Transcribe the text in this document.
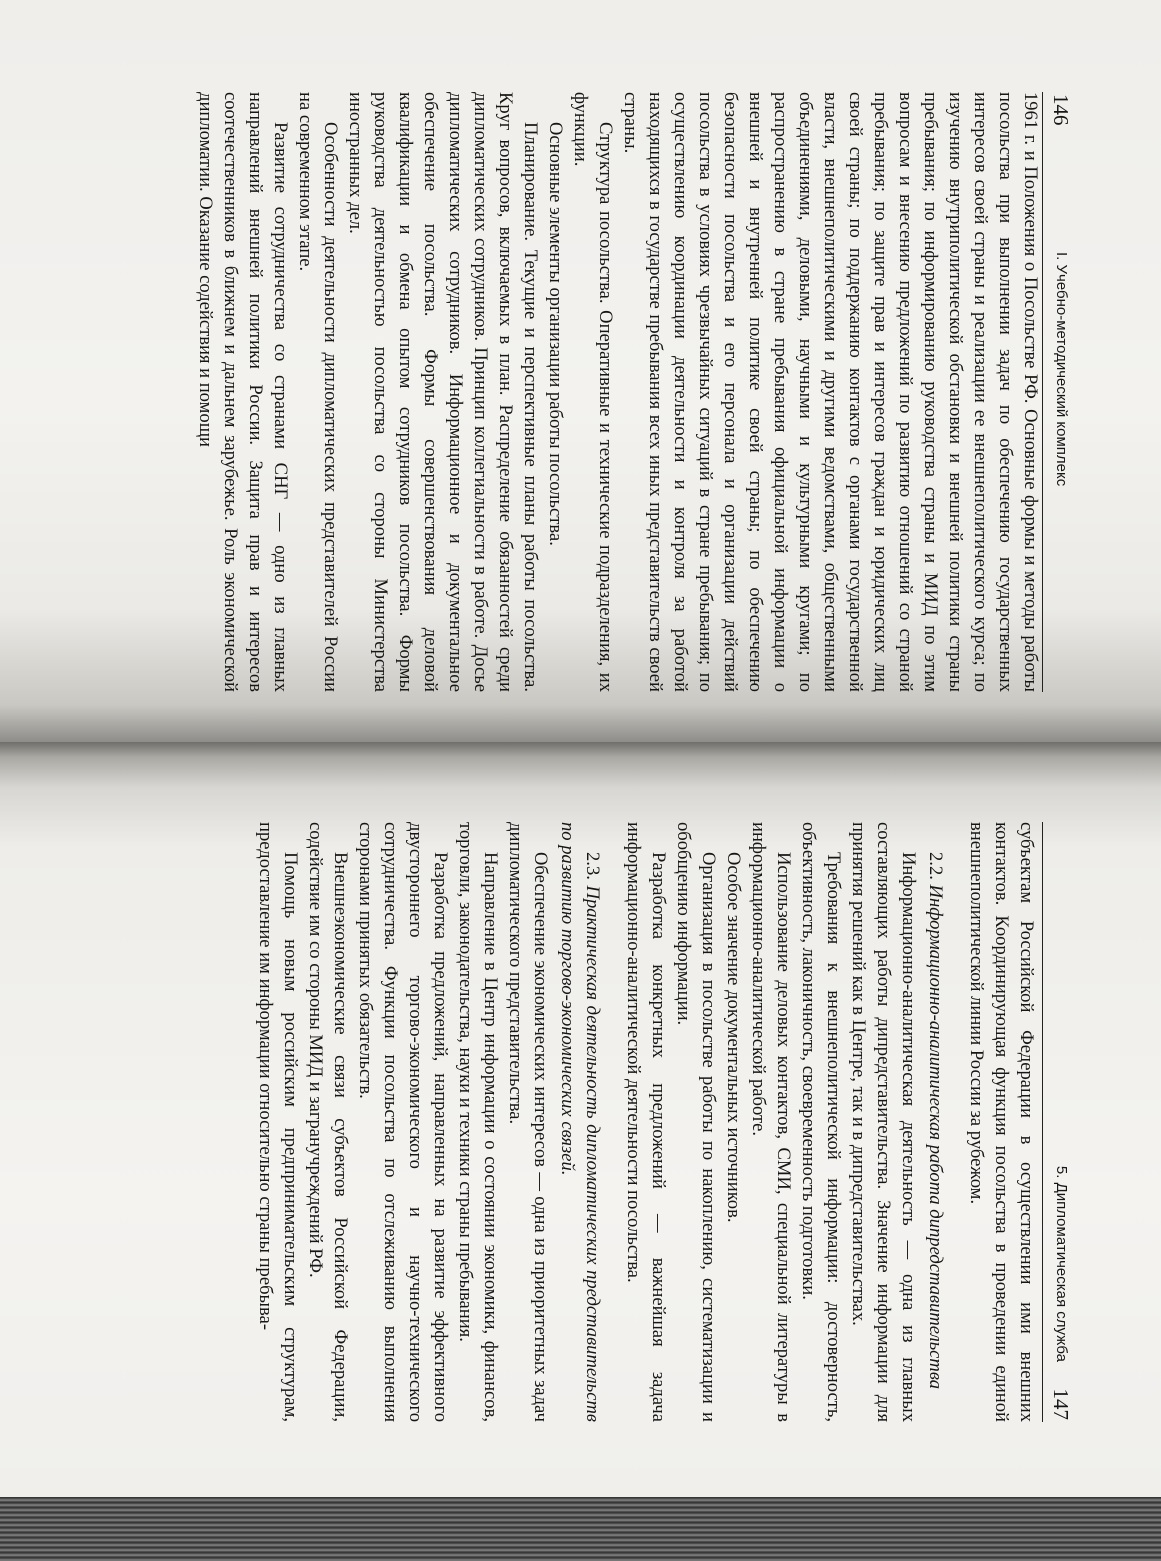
146
I. Учебно-методический комплекс

1961 г. и Положения о Посольстве РФ. Основные формы и методы работы посольства при выполнении задач по обеспечению государственных интересов своей страны и реализации ее внешнеполитического курса; по изучению внутриполитической обстановки и внешней политики страны пребывания; по информированию руководства страны и МИД по этим вопросам и внесению предложений по развитию отношений со страной пребывания; по защите прав и интересов граждан и юридических лиц своей страны; по поддержанию контактов с органами государственной власти, внешнеполитическими и другими ведомствами, общественными объединениями, деловыми, научными и культурными кругами; по распространению в стране пребывания официальной информации о внешней и внутренней политике своей страны; по обеспечению безопасности посольства и его персонала и организации действий посольства в условиях чрезвычайных ситуаций в стране пребывания; по осуществлению координации деятельности и контроля за работой находящихся в государстве пребывания всех иных представительств своей страны.

Структура посольства. Оперативные и технические подразделения, их функции.

Основные элементы организации работы посольства.

Планирование. Текущие и перспективные планы работы посольства. Круг вопросов, включаемых в план. Распределение обязанностей среди дипломатических сотрудников. Принцип коллегиальности в работе. Досье дипломатических сотрудников. Информационное и документальное обеспечение посольства. Формы совершенствования деловой квалификации и обмена опытом сотрудников посольства. Формы руководства деятельностью посольства со стороны Министерства иностранных дел.

Особенности деятельности дипломатических представителей России на современном этапе.

Развитие сотрудничества со странами СНГ — одно из главных направлений внешней политики России. Защита прав и интересов соотечественников в ближнем и дальнем зарубежье. Роль экономической дипломатии. Оказание содействия и помощи

5. Дипломатическая служба
147

субъектам Российской Федерации в осуществлении ими внешних контактов. Координирующая функция посольства в проведении единой внешнеполитической линии России за рубежом.

2.2. Информационно-аналитическая работа дипредставительства

Информационно-аналитическая деятельность — одна из главных составляющих работы дипредставительства. Значение информации для принятия решений как в Центре, так и в дипредставительствах.

Требования к внешнеполитической информации: достоверность, объективность, лаконичность, своевременность подготовки.

Использование деловых контактов, СМИ, специальной литературы в информационно-аналитической работе.

Особое значение документальных источников.

Организация в посольстве работы по накоплению, систематизации и обобщению информации.

Разработка конкретных предложений — важнейшая задача информационно-аналитической деятельности посольства.

2.3. Практическая деятельность дипломатических представительств по развитию торгово-экономических связей.

Обеспечение экономических интересов — одна из приоритетных задач дипломатического представительства.

Направление в Центр информации о состоянии экономики, финансов, торговли, законодательства, науки и техники страны пребывания.

Разработка предложений, направленных на развитие эффективного двустороннего торгово-экономического и научно-технического сотрудничества. Функции посольства по отслеживанию выполнения сторонами принятых обязательств.

Внешнеэкономические связи субъектов Российской Федерации, содействие им со стороны МИД и загранучреждений РФ.

Помощь новым российским предпринимательским структурам, предоставление им информации относительно страны пребыва-
